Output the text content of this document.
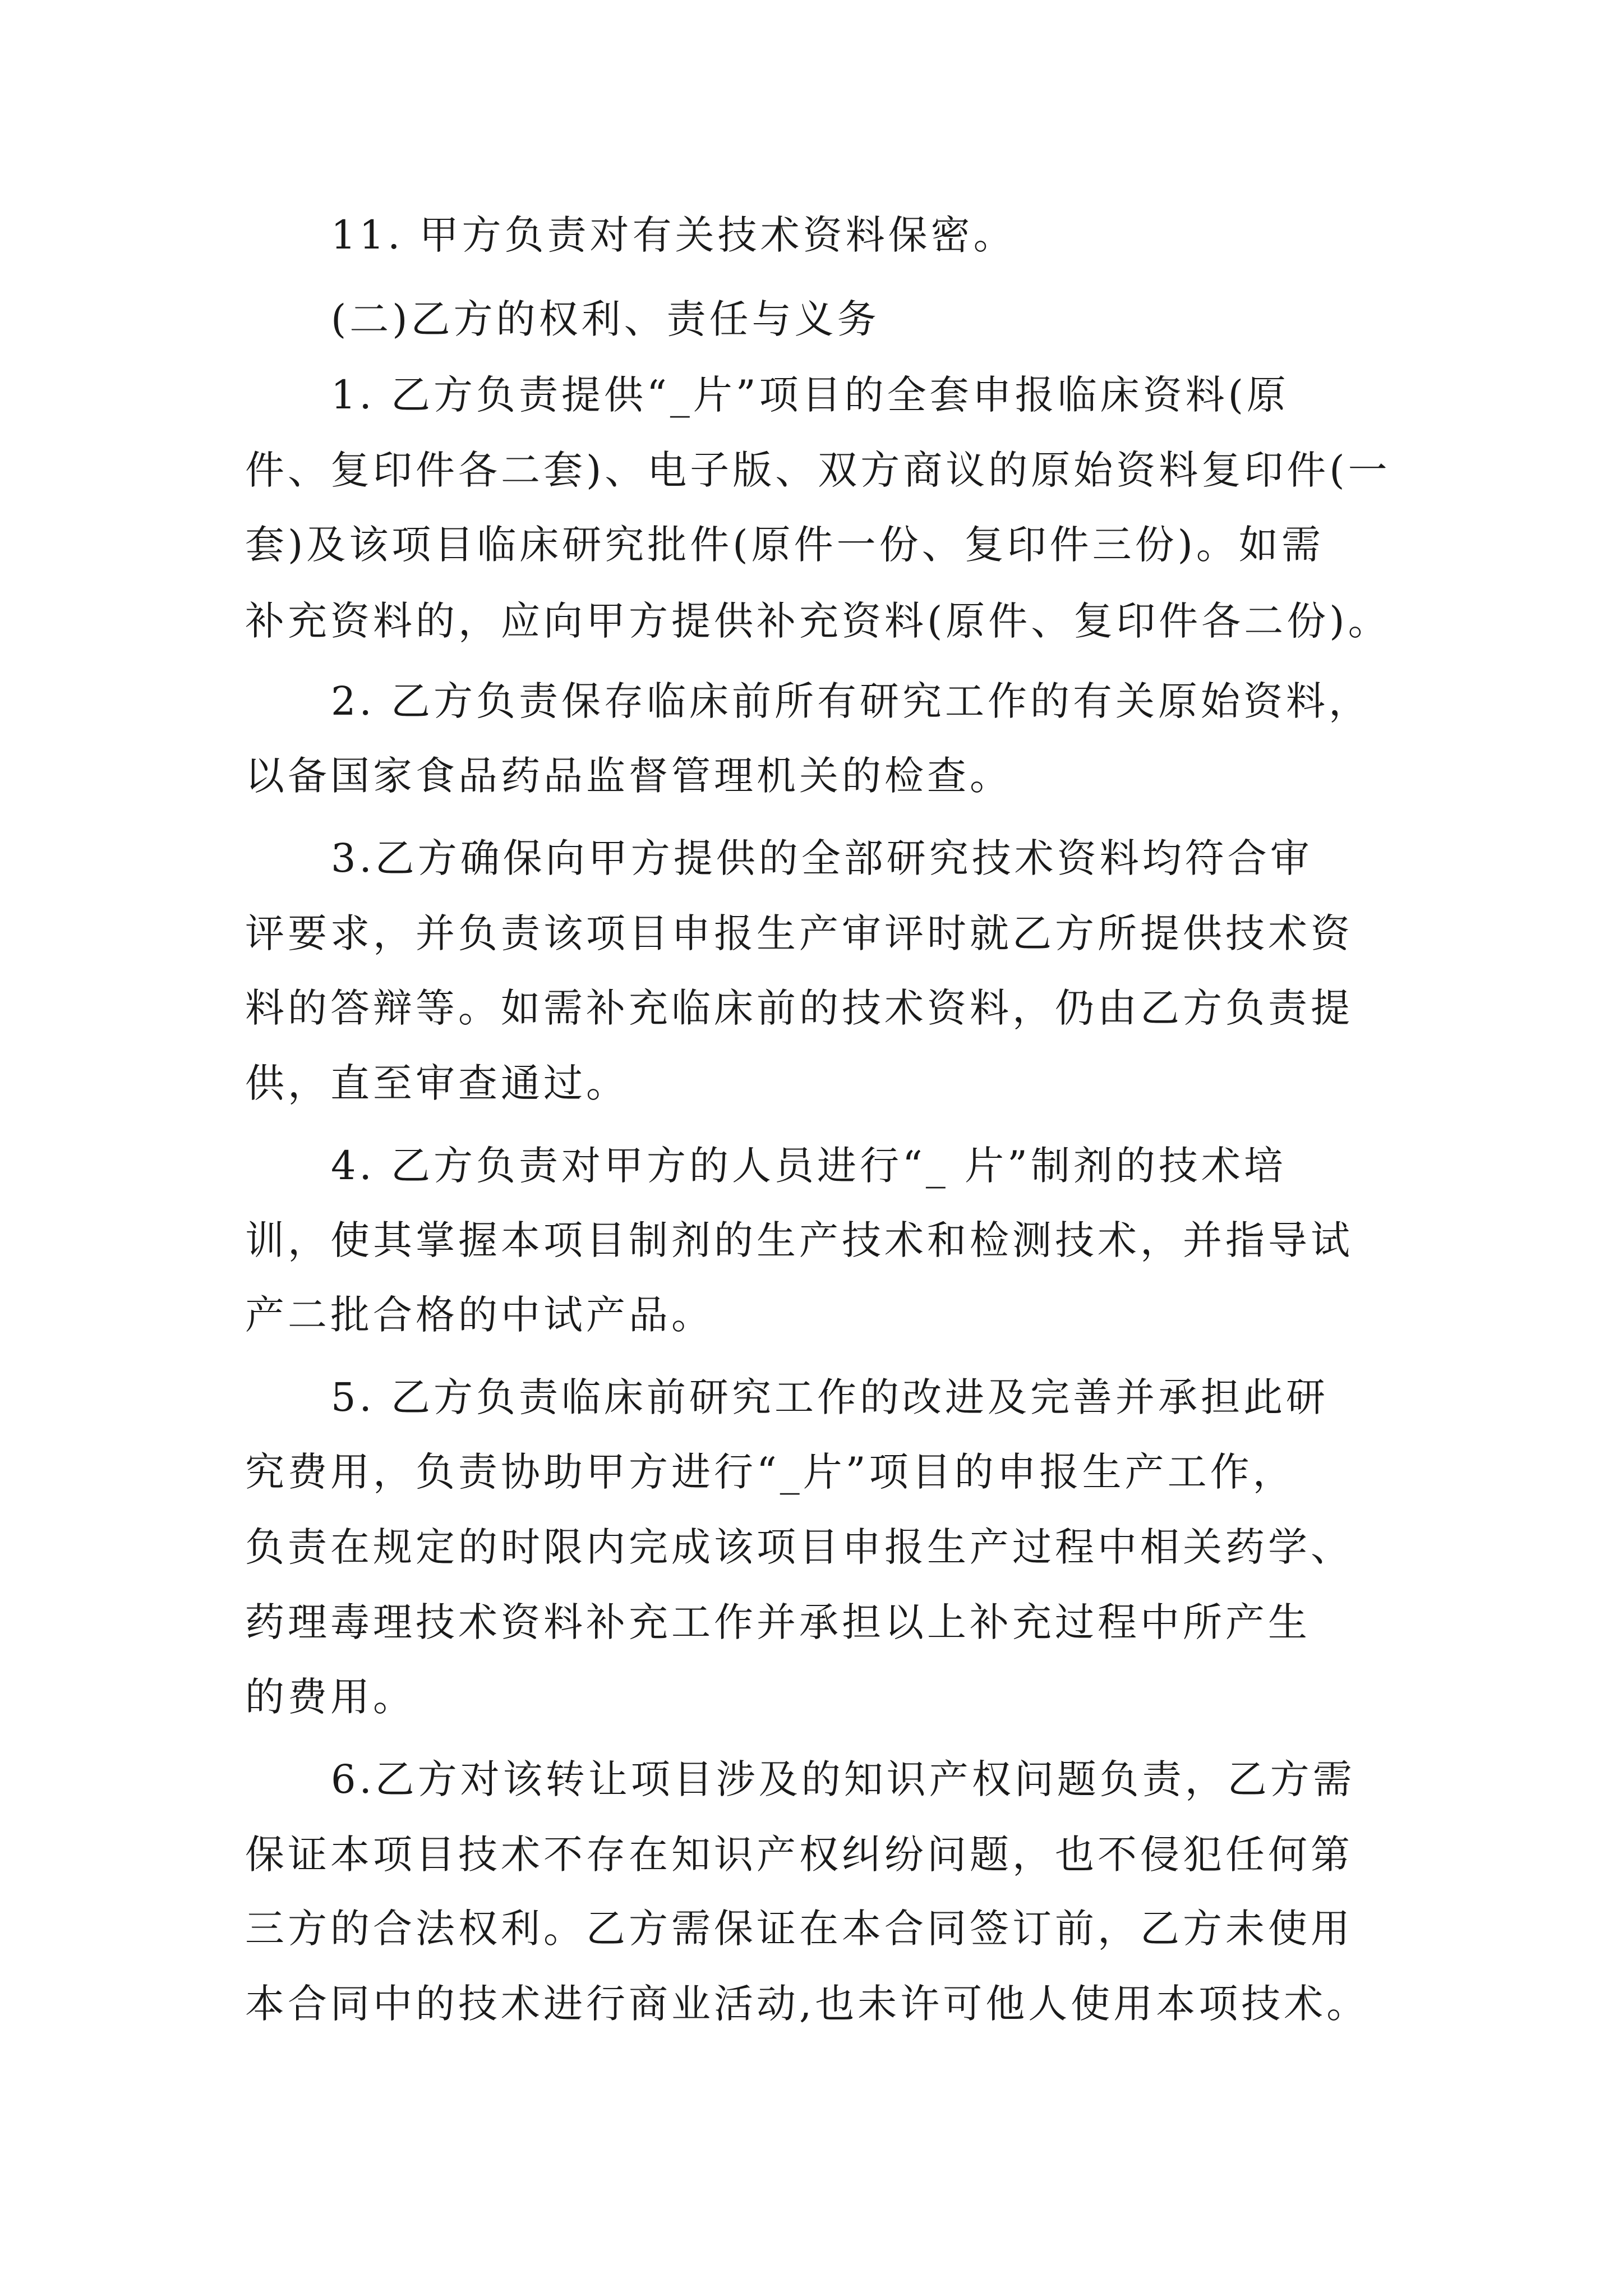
11. 甲方负责对有关技术资料保密。
(二)乙方的权利、责任与义务
1. 乙方负责提供“_片”项目的全套申报临床资料(原
件、复印件各二套)、电子版、双方商议的原始资料复印件(一
套)及该项目临床研究批件(原件一份、复印件三份)。如需
补充资料的，应向甲方提供补充资料(原件、复印件各二份)。
2. 乙方负责保存临床前所有研究工作的有关原始资料，
以备国家食品药品监督管理机关的检查。
3.乙方确保向甲方提供的全部研究技术资料均符合审
评要求，并负责该项目申报生产审评时就乙方所提供技术资
料的答辩等。如需补充临床前的技术资料，仍由乙方负责提
供，直至审查通过。
4. 乙方负责对甲方的人员进行“_ 片”制剂的技术培
训，使其掌握本项目制剂的生产技术和检测技术，并指导试
产二批合格的中试产品。
5. 乙方负责临床前研究工作的改进及完善并承担此研
究费用，负责协助甲方进行“_片”项目的申报生产工作，
负责在规定的时限内完成该项目申报生产过程中相关药学、
药理毒理技术资料补充工作并承担以上补充过程中所产生
的费用。
6.乙方对该转让项目涉及的知识产权问题负责，乙方需
保证本项目技术不存在知识产权纠纷问题，也不侵犯任何第
三方的合法权利。乙方需保证在本合同签订前，乙方未使用
本合同中的技术进行商业活动,也未许可他人使用本项技术。
